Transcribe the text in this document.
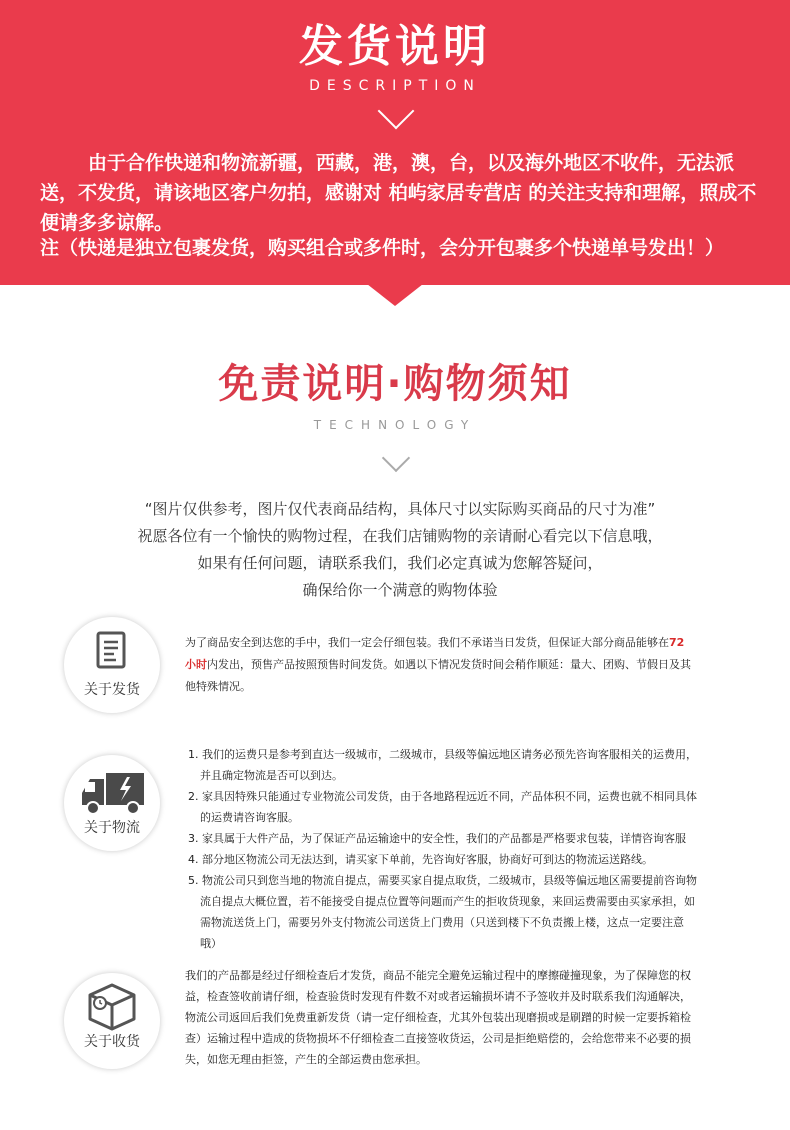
发货说明
DESCRIPTION
由于合作快递和物流新疆，西藏，港，澳，台，以及海外地区不收件，无法派送，不发货，请该地区客户勿拍，感谢对 柏屿家居专营店 的关注支持和理解，照成不便请多多谅解。
注（快递是独立包裹发货，购买组合或多件时，会分开包裹多个快递单号发出！）
免责说明·购物须知
TECHNOLOGY
“图片仅供参考，图片仅代表商品结构，具体尺寸以实际购买商品的尺寸为准”
祝愿各位有一个愉快的购物过程，在我们店铺购物的亲请耐心看完以下信息哦，
如果有任何问题，请联系我们，我们必定真诚为您解答疑问，
确保给你一个满意的购物体验
关于发货
为了商品安全到达您的手中，我们一定会仔细包装。我们不承诺当日发货，但保证大部分商品能够在72小时内发出，预售产品按照预售时间发货。如遇以下情况发货时间会稍作顺延：量大、团购、节假日及其他特殊情况。
关于物流
1. 我们的运费只是参考到直达一级城市，二级城市，县级等偏远地区请务必预先咨询客服相关的运费用，并且确定物流是否可以到达。
2. 家具因特殊只能通过专业物流公司发货，由于各地路程远近不同，产品体积不同，运费也就不相同具体的运费请咨询客服。
3. 家具属于大件产品，为了保证产品运输途中的安全性，我们的产品都是严格要求包装，详情咨询客服
4. 部分地区物流公司无法达到，请买家下单前，先咨询好客服，协商好可到达的物流运送路线。
5. 物流公司只到您当地的物流自提点，需要买家自提点取货，二级城市，县级等偏远地区需要提前咨询物流自提点大概位置，若不能接受自提点位置等问题而产生的拒收货现象，来回运费需要由买家承担，如需物流送货上门，需要另外支付物流公司送货上门费用（只送到楼下不负责搬上楼，这点一定要注意哦）
关于收货
我们的产品都是经过仔细检查后才发货，商品不能完全避免运输过程中的摩擦碰撞现象，为了保障您的权益，检查签收前请仔细，检查验货时发现有件数不对或者运输损坏请不予签收并及时联系我们沟通解决，物流公司返回后我们免费重新发货（请一定仔细检查，尤其外包装出现磨损或是刷蹭的时候一定要拆箱检查）运输过程中造成的货物损坏不仔细检查二直接签收货运，公司是拒绝赔偿的，会给您带来不必要的损失，如您无理由拒签，产生的全部运费由您承担。
